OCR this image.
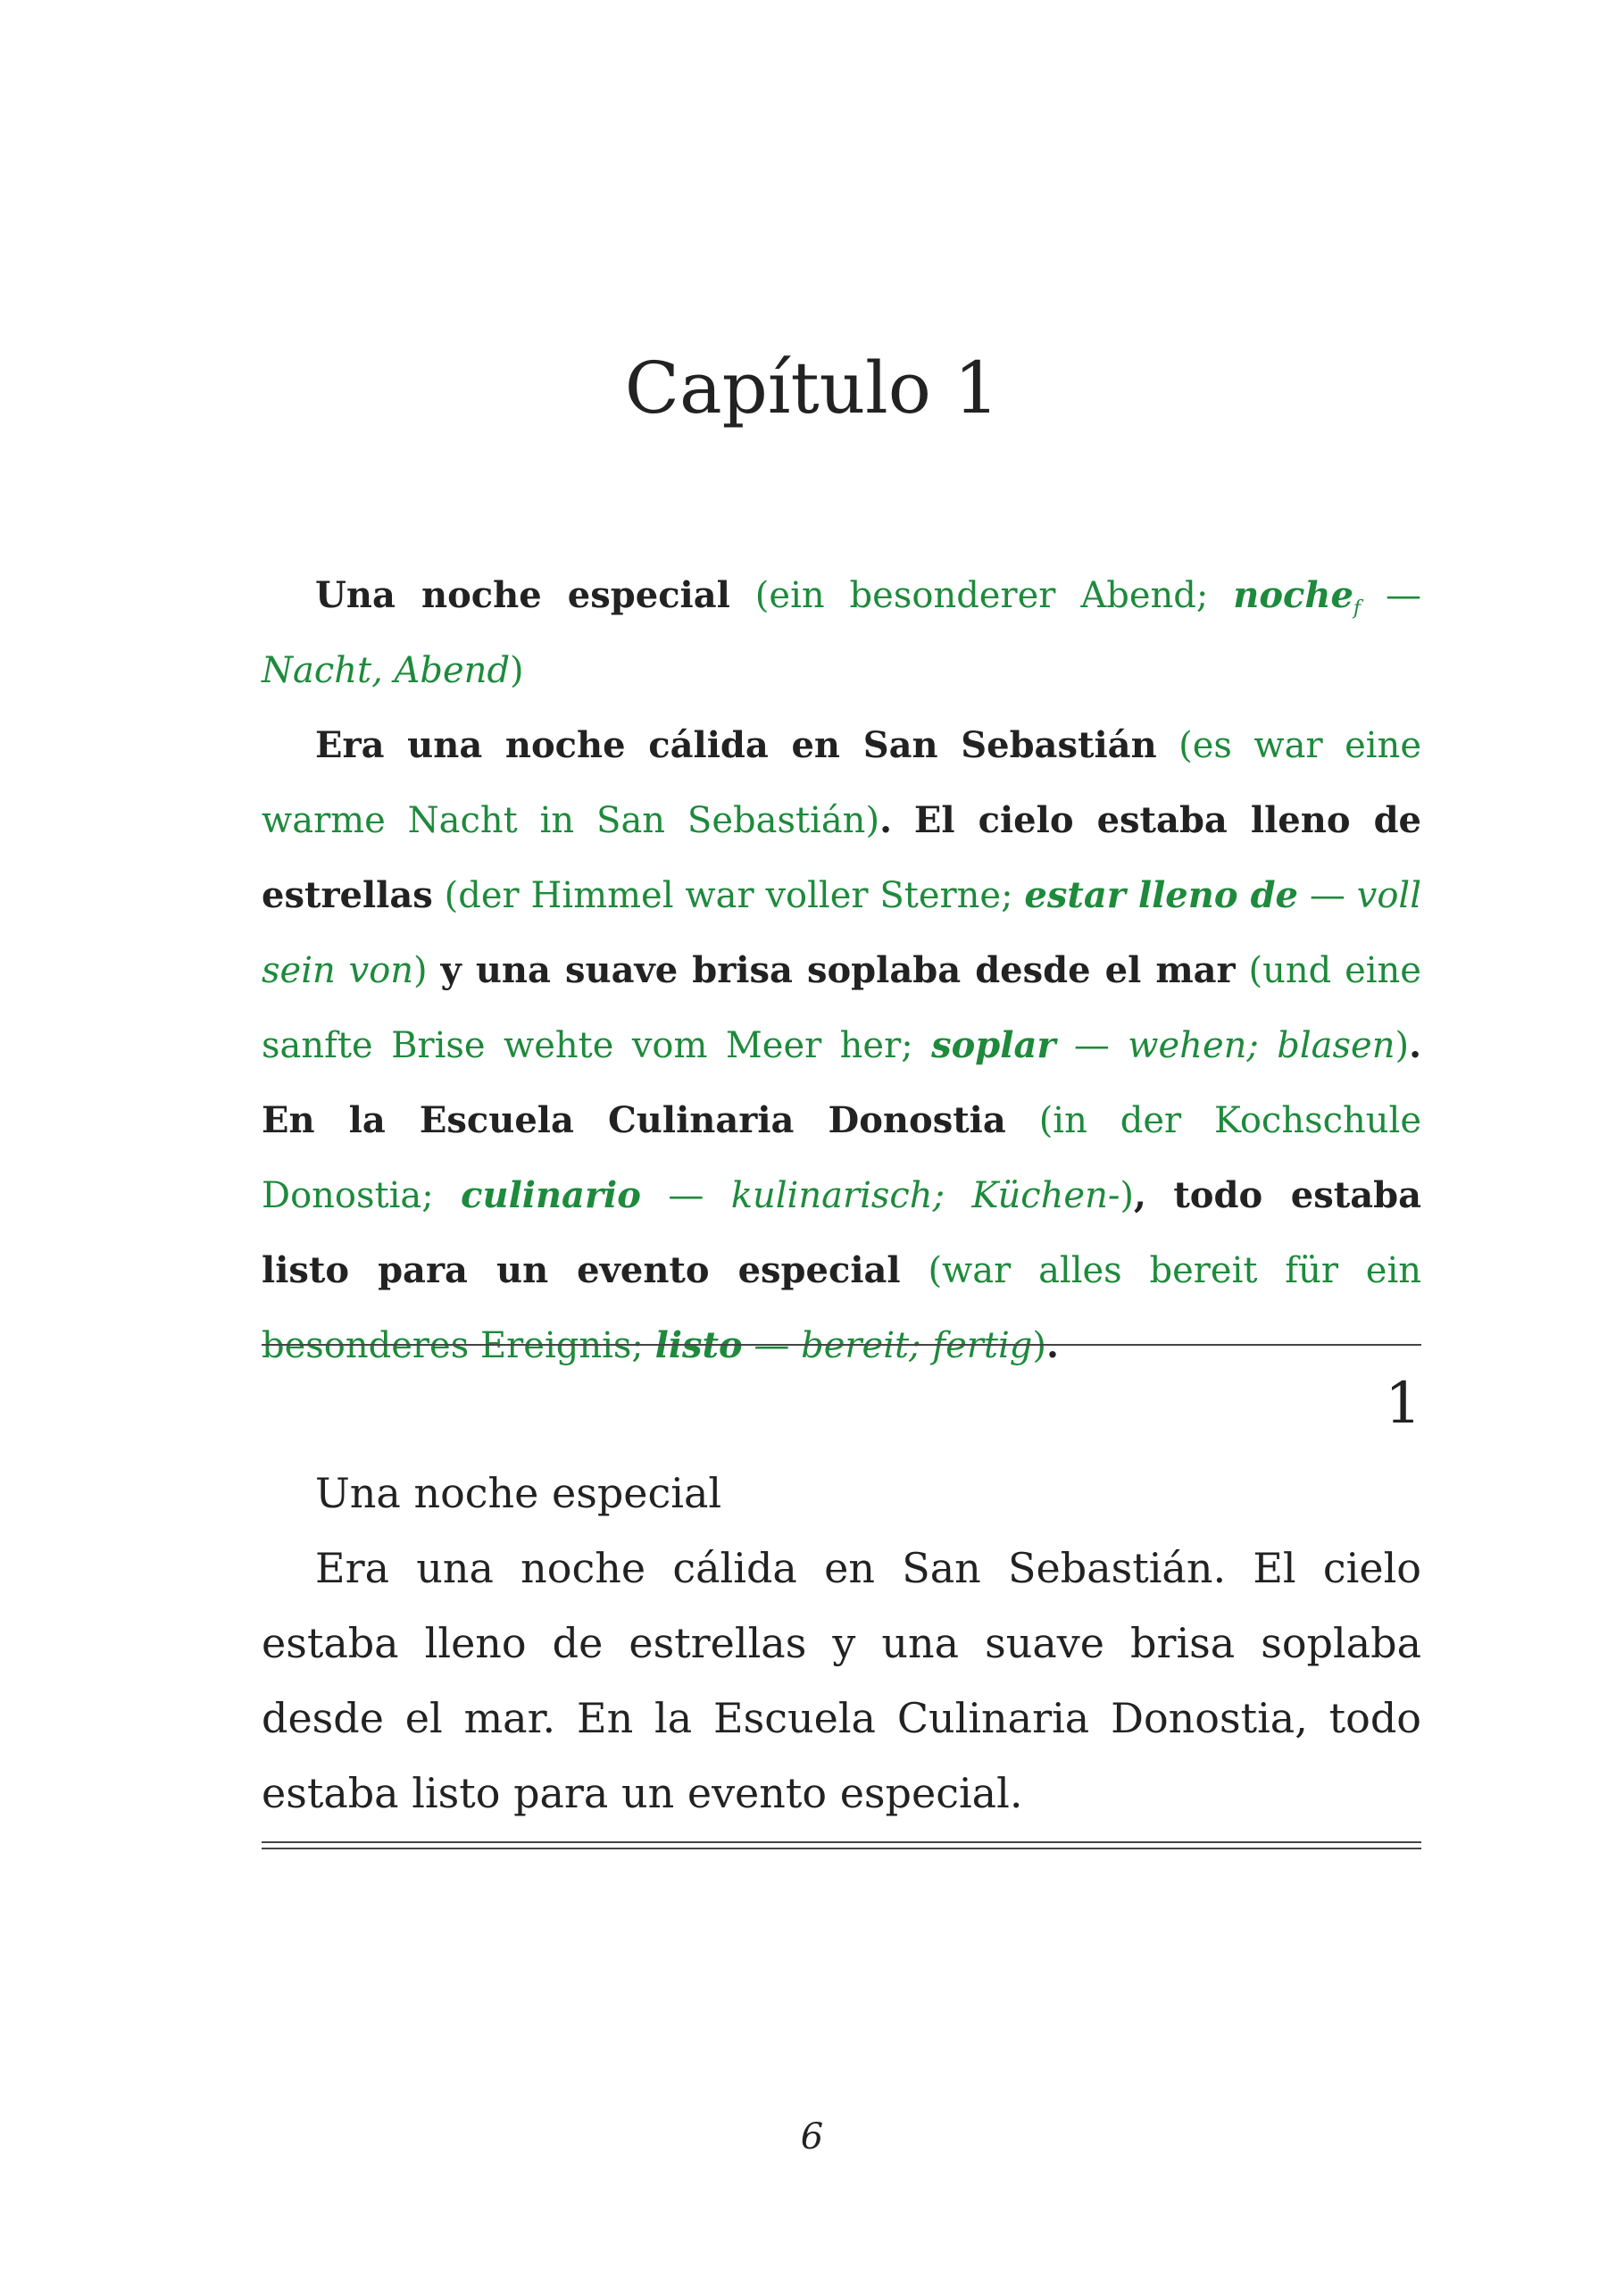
Capítulo 1

Una noche especial (ein besonderer Abend; noche$_f$ — Nacht, Abend)

Era una noche cálida en San Sebastián (es war eine warme Nacht in San Sebastián). El cielo estaba lleno de estrellas (der Himmel war voller Sterne; estar lleno de — voll sein von) y una suave brisa soplaba desde el mar (und eine sanfte Brise wehte vom Meer her; soplar — wehen; blasen). En la Escuela Culinaria Donostia (in der Kochschule Donostia; culinario — kulinarisch; Küchen-), todo estaba listo para un evento especial (war alles bereit für ein besonderes Ereignis; listo — bereit; fertig).

1

Una noche especial

Era una noche cálida en San Sebastián. El cielo estaba lleno de estrellas y una suave brisa soplaba desde el mar. En la Escuela Culinaria Donostia, todo estaba listo para un evento especial.

6
